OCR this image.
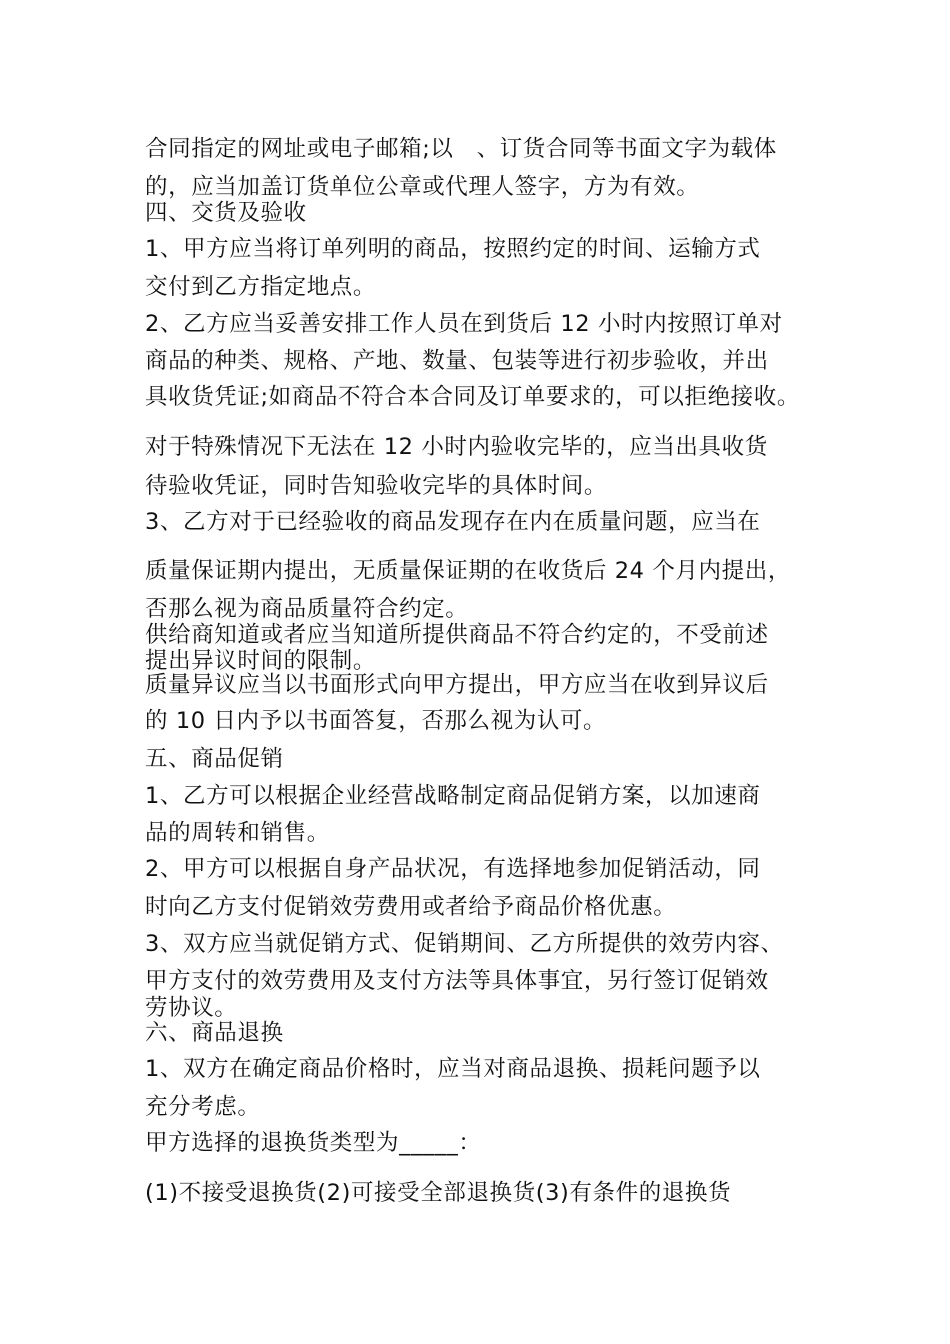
合同指定的网址或电子邮箱;以　、订货合同等书面文字为载体
的，应当加盖订货单位公章或代理人签字，方为有效。
四、交货及验收
1、甲方应当将订单列明的商品，按照约定的时间、运输方式
交付到乙方指定地点。
2、乙方应当妥善安排工作人员在到货后 12 小时内按照订单对
商品的种类、规格、产地、数量、包装等进行初步验收，并出
具收货凭证;如商品不符合本合同及订单要求的，可以拒绝接收。
对于特殊情况下无法在 12 小时内验收完毕的，应当出具收货
待验收凭证，同时告知验收完毕的具体时间。
3、乙方对于已经验收的商品发现存在内在质量问题，应当在
质量保证期内提出，无质量保证期的在收货后 24 个月内提出，
否那么视为商品质量符合约定。
供给商知道或者应当知道所提供商品不符合约定的，不受前述
提出异议时间的限制。
质量异议应当以书面形式向甲方提出，甲方应当在收到异议后
的 10 日内予以书面答复，否那么视为认可。
五、商品促销
1、乙方可以根据企业经营战略制定商品促销方案，以加速商
品的周转和销售。
2、甲方可以根据自身产品状况，有选择地参加促销活动，同
时向乙方支付促销效劳费用或者给予商品价格优惠。
3、双方应当就促销方式、促销期间、乙方所提供的效劳内容、
甲方支付的效劳费用及支付方法等具体事宜，另行签订促销效
劳协议。
六、商品退换
1、双方在确定商品价格时，应当对商品退换、损耗问题予以
充分考虑。
甲方选择的退换货类型为_____：
(1)不接受退换货(2)可接受全部退换货(3)有条件的退换货
